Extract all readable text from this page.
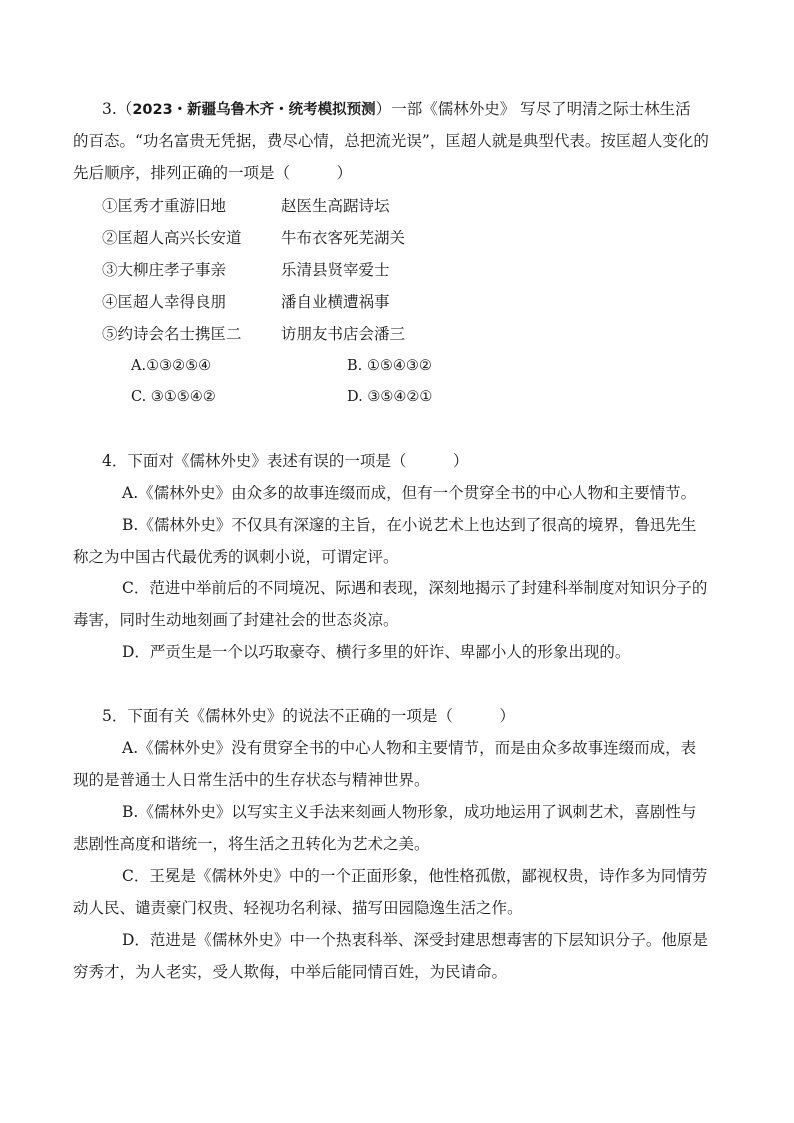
3.（2023・新疆乌鲁木齐・统考模拟预测）一部《儒林外史》 写尽了明清之际士林生活
的百态。“功名富贵无凭据，费尽心情，总把流光误”，匡超人就是典型代表。按匡超人变化的
先后顺序，排列正确的一项是（　　　）
①匡秀才重游旧地	赵医生高踞诗坛
②匡超人高兴长安道	牛布衣客死芜湖关
③大柳庄孝子事亲	乐清县贤宰爱士
④匡超人幸得良朋	潘自业横遭祸事
⑤约诗会名士携匡二	访朋友书店会潘三
A.①③②⑤④	B. ①⑤④③②
C. ③①⑤④②	D. ③⑤④②①
4．下面对《儒林外史》表述有误的一项是（　　　）
A.《儒林外史》由众多的故事连缀而成，但有一个贯穿全书的中心人物和主要情节。
B.《儒林外史》不仅具有深邃的主旨，在小说艺术上也达到了很高的境界，鲁迅先生
称之为中国古代最优秀的讽刺小说，可谓定评。
C．范进中举前后的不同境况、际遇和表现，深刻地揭示了封建科举制度对知识分子的
毒害，同时生动地刻画了封建社会的世态炎凉。
D．严贡生是一个以巧取豪夺、横行多里的奸诈、卑鄙小人的形象出现的。
5．下面有关《儒林外史》的说法不正确的一项是（　　　）
A.《儒林外史》没有贯穿全书的中心人物和主要情节，而是由众多故事连缀而成，表
现的是普通士人日常生活中的生存状态与精神世界。
B.《儒林外史》以写实主义手法来刻画人物形象，成功地运用了讽刺艺术，喜剧性与
悲剧性高度和谐统一，将生活之丑转化为艺术之美。
C．王冕是《儒林外史》中的一个正面形象，他性格孤傲，鄙视权贵，诗作多为同情劳
动人民、谴责豪门权贵、轻视功名利禄、描写田园隐逸生活之作。
D．范进是《儒林外史》中一个热衷科举、深受封建思想毒害的下层知识分子。他原是
穷秀才，为人老实，受人欺侮，中举后能同情百姓，为民请命。
